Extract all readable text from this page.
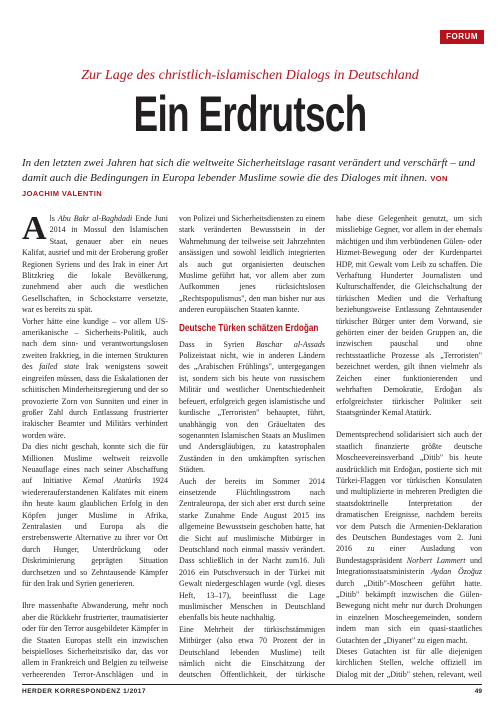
FORUM
Zur Lage des christlich-islamischen Dialogs in Deutschland
Ein Erdrutsch
In den letzten zwei Jahren hat sich die weltweite Sicherheitslage rasant verändert und verschärft – und damit auch die Bedingungen in Europa lebender Muslime sowie die des Dialoges mit ihnen. VON JOACHIM VALENTIN

Als Abu Bakr al-Baghdadi Ende Juni 2014 in Mossul den Islamischen Staat, genauer aber ein neues Kalifat, ausrief und mit der Eroberung großer Regionen Syriens und des Irak in einer Art Blitzkrieg die lokale Bevölkerung, zunehmend aber auch die westlichen Gesellschaften, in Schockstarre versetzte, war es bereits zu spät.

Vorher hätte eine kundige – vor allem US-amerikanische – Sicherheits-Politik, auch nach dem sinn- und verantwortungslosen zweiten Irakkrieg, in die internen Strukturen des failed state Irak wenigstens soweit eingreifen müssen, dass die Eskalationen der schiitischen Minderheitsregierung und der so provozierte Zorn von Sunniten und einer in großer Zahl durch Entlassung frustrierter irakischer Beamter und Militärs verhindert worden wäre.

Da dies nicht geschah, konnte sich die für Millionen Muslime weltweit reizvolle Neuauflage eines nach seiner Abschaffung auf Initiative Kemal Atatürks 1924 wiedererauferstandenen Kalifates mit einem ihn heute kaum glaublichen Erfolg in den Köpfen junger Muslime in Afrika, Zentralasien und Europa als die erstrebenswerte Alternative zu ihrer vor Ort durch Hunger, Unterdrückung oder Diskriminierung geprägten Situation durchsetzen und so Zehntausende Kämpfer für den Irak und Syrien generieren.

Ihre massenhafte Abwanderung, mehr noch aber die Rückkehr frustrierter, traumatisierter oder für den Terror ausgebildeter Kämpfer in die Staaten Europas stellt ein inzwischen beispielloses Sicherheitsrisiko dar, das vor allem in Frankreich und Belgien zu teilweise verheerenden Terror-Anschlägen und in

von Polizei und Sicherheitsdiensten zu einem stark veränderten Bewusstsein in der Wahrnehmung der teilweise seit Jahrzehnten ansässigen und sowohl leidlich integrierten als auch gut organisierten deutschen Muslime geführt hat, vor allem aber zum Aufkommen jenes rücksichtslosen „Rechtspopulismus", den man bisher nur aus anderen europäischen Staaten kannte.

Deutsche Türken schätzen Erdoğan

Dass in Syrien Baschar al-Assads Polizeistaat nicht, wie in anderen Ländern des „Arabischen Frühlings", untergegangen ist, sondern sich bis heute von russischem Militär und westlicher Unentschiedenheit befeuert, erfolgreich gegen islamistische und kurdische „Terroristen" behauptet, führt, unabhängig von den Gräueltaten des sogenannten Islamischen Staats an Muslimen und Andersgläubigen, zu katastrophalen Zuständen in den umkämpften syrischen Städten.

Auch der bereits im Sommer 2014 einsetzende Flüchtlingsstrom nach Zentraleuropa, der sich aber erst durch seine starke Zunahme Ende August 2015 ins allgemeine Bewusstsein geschoben hatte, hat die Sicht auf muslimische Mitbürger in Deutschland noch einmal massiv verändert. Dass schließlich in der Nacht zum16. Juli 2016 ein Putschversuch in der Türkei mit Gewalt niedergeschlagen wurde (vgl. dieses Heft, 13–17), beeinflusst die Lage muslimischer Menschen in Deutschland ebenfalls bis heute nachhaltig.

Eine Mehrheit der türkischstämmigen Mitbürger (also etwa 70 Prozent der in Deutschland lebenden Muslime) teilt nämlich nicht die Einschätzung der deutschen Öffentlichkeit, der türkische

habe diese Gelegenheit genutzt, um sich missliebige Gegner, vor allem in der ehemals mächtigen und ihm verbündenen Gülen- oder Hizmet-Bewegung oder der Kurdenpartei HDP, mit Gewalt vom Leib zu schaffen. Die Verhaftung Hunderter Journalisten und Kulturschaffender, die Gleichschaltung der türkischen Medien und die Verhaftung beziehungsweise Entlassung Zehntausender türkischer Bürger unter dem Vorwand, sie gehörten einer der beiden Gruppen an, die inzwischen pauschal und ohne rechtsstaatliche Prozesse als „Terroristen" bezeichnet werden, gilt ihnen vielmehr als Zeichen einer funktionierenden und wehrhaften Demokratie, Erdoğan als erfolgreichster türkischer Politiker seit Staatsgründer Kemal Atatürk.

Dementsprechend solidarisiert sich auch der staatlich finanzierte größte deutsche Moscheevereinsverband „Ditib" bis heute ausdrücklich mit Erdoğan, postierte sich mit Türkei-Flaggen vor türkischen Konsulaten und multiplizierte in mehreren Predigten die staatsdoktrinelle Interpretation der dramatischen Ereignisse, nachdem bereits vor dem Putsch die Armenien-Deklaration des Deutschen Bundestages vom 2. Juni 2016 zu einer Ausladung von Bundestagspräsident Norbert Lammert und Integrationsstaatsministerin Aydan Özoğuz durch „Ditib"-Moscheen geführt hatte. „Ditib" bekämpft inzwischen die Gülen-Bewegung nicht mehr nur durch Drohungen in einzelnen Moscheegemeinden, sondern indem man sich ein quasi-staatliches Gutachten der „Diyanet" zu eigen macht.

Dieses Gutachten ist für alle diejenigen kirchlichen Stellen, welche offiziell im Dialog mit der „Ditib" stehen, relevant, weil

HERDER KORRESPONDENZ 1/2017	49
